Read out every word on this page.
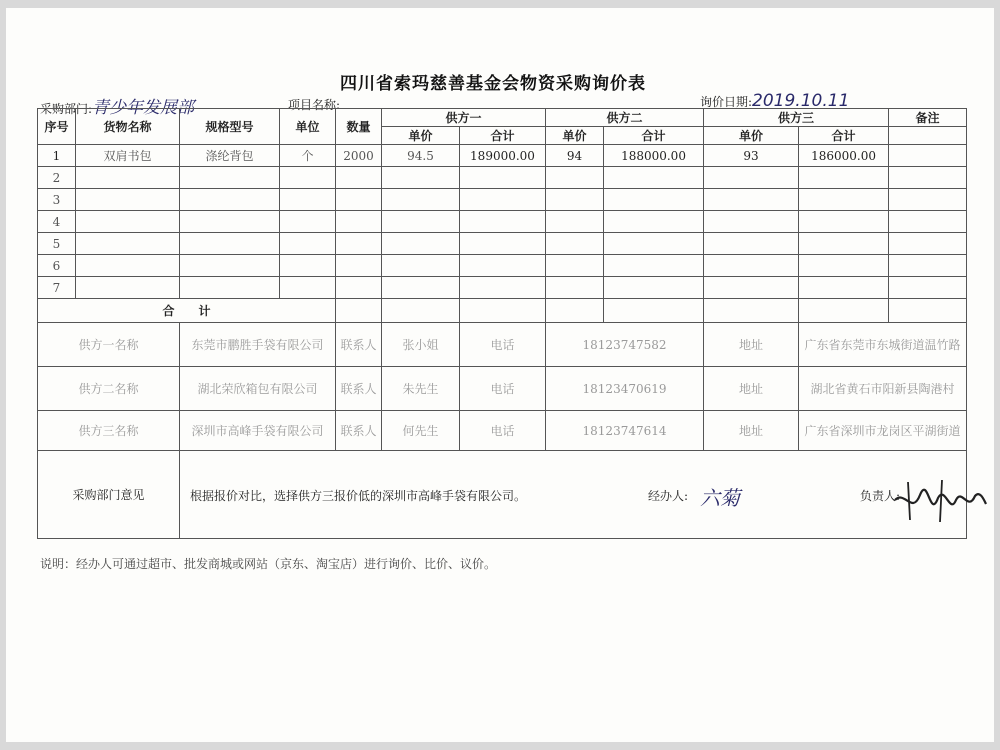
四川省索玛慈善基金会物资采购询价表
采购部门:青少年发展部	项目名称:	询价日期:2019.10.11
序号	货物名称	规格型号	单位	数量	供方一		供方二		供方三		备注
					单价	合计	单价	合计	单价	合计	
1	双肩书包	涤纶背包	个	2000	94.5	189000.00	94	188000.00	93	186000.00	
2											
3											
4											
5											
6											
7											
合　　计											
供方一名称		东莞市鹏胜手袋有限公司		联系人	张小姐	电话	18123747582		地址	广东省东莞市东城街道温竹路	
供方二名称		湖北荣欣箱包有限公司		联系人	朱先生	电话	18123470619		地址	湖北省黄石市阳新县陶港村	
供方三名称		深圳市高峰手袋有限公司		联系人	何先生	电话	18123747614		地址	广东省深圳市龙岗区平湖街道	
采购部门意见												根据报价对比，选择供方三报价低的深圳市高峰手袋有限公司。	经办人: 六菊	负责人:
说明：经办人可通过超市、批发商城或网站（京东、淘宝店）进行询价、比价、议价。
